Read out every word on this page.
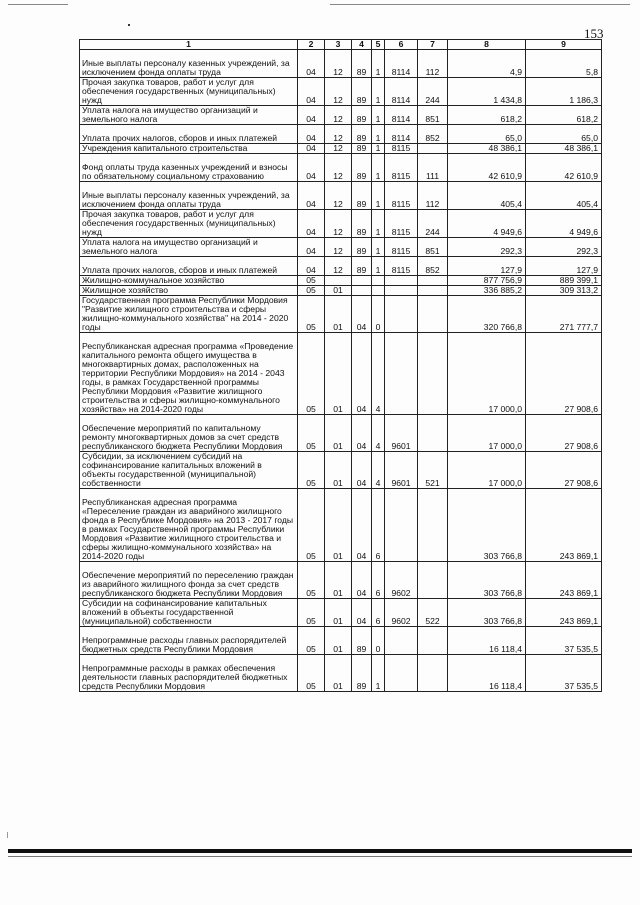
153
1	2	3	4	5	6	7	8	9
Иные выплаты персоналу казенных учреждений, за исключением фонда оплаты труда	04	12	89	1	8114	112	4,9	5,8
Прочая закупка товаров, работ и услуг для обеспечения государственных (муниципальных) нужд	04	12	89	1	8114	244	1 434,8	1 186,3
Уплата налога на имущество организаций и земельного налога	04	12	89	1	8114	851	618,2	618,2
Уплата прочих налогов, сборов и иных платежей	04	12	89	1	8114	852	65,0	65,0
Учреждения капитального строительства	04	12	89	1	8115		48 386,1	48 386,1
Фонд оплаты труда казенных учреждений и взносы по обязательному социальному страхованию	04	12	89	1	8115	111	42 610,9	42 610,9
Иные выплаты персоналу казенных учреждений, за исключением фонда оплаты труда	04	12	89	1	8115	112	405,4	405,4
Прочая закупка товаров, работ и услуг для обеспечения государственных (муниципальных) нужд	04	12	89	1	8115	244	4 949,6	4 949,6
Уплата налога на имущество организаций и земельного налога	04	12	89	1	8115	851	292,3	292,3
Уплата прочих налогов, сборов и иных платежей	04	12	89	1	8115	852	127,9	127,9
Жилищно-коммунальное хозяйство	05						877 756,9	889 399,1
Жилищное хозяйство	05	01					336 885,2	309 313,2
Государственная программа Республики Мордовия "Развитие жилищного строительства и сферы жилищно-коммунального хозяйства" на 2014 - 2020 годы	05	01	04	0			320 766,8	271 777,7
Республиканская адресная программа «Проведение капитального ремонта общего имущества в многоквартирных домах, расположенных на территории Республики Мордовия» на 2014 - 2043 годы, в рамках Государственной программы Республики Мордовия «Развитие жилищного строительства и сферы жилищно-коммунального хозяйства» на 2014-2020 годы	05	01	04	4			17 000,0	27 908,6
Обеспечение мероприятий по капитальному ремонту многоквартирных домов за счет средств республиканского бюджета Республики Мордовия	05	01	04	4	9601		17 000,0	27 908,6
Субсидии, за исключением субсидий на софинансирование капитальных вложений в объекты государственной (муниципальной) собственности	05	01	04	4	9601	521	17 000,0	27 908,6
Республиканская адресная программа «Переселение граждан из аварийного жилищного фонда в Республике Мордовия» на 2013 - 2017 годы в рамках Государственной программы Республики Мордовия «Развитие жилищного строительства и сферы жилищно-коммунального хозяйства» на 2014-2020 годы	05	01	04	6			303 766,8	243 869,1
Обеспечение мероприятий по переселению граждан из аварийного жилищного фонда за счет средств республиканского бюджета Республики Мордовия	05	01	04	6	9602		303 766,8	243 869,1
Субсидии на софинансирование капитальных вложений в объекты государственной (муниципальной) собственности	05	01	04	6	9602	522	303 766,8	243 869,1
Непрограммные расходы главных распорядителей бюджетных средств Республики Мордовия	05	01	89	0			16 118,4	37 535,5
Непрограммные расходы в рамках обеспечения деятельности главных распорядителей бюджетных средств Республики Мордовия	05	01	89	1			16 118,4	37 535,5
